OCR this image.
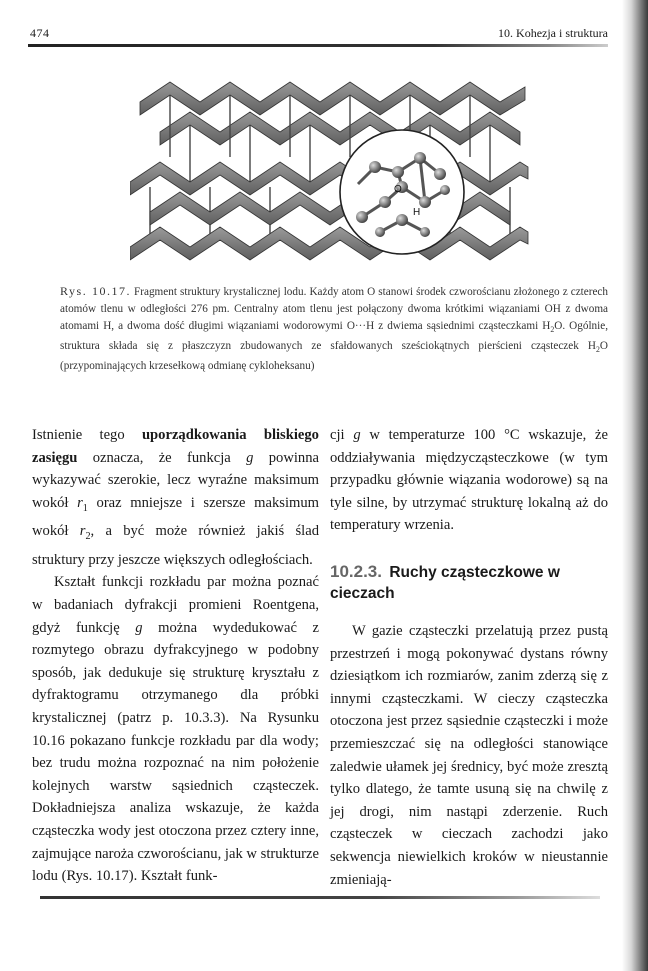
474	10. Kohezja i struktura
O
H
Rys. 10.17. Fragment struktury krystalicznej lodu. Każdy atom O stanowi środek czworościanu złożonego z czterech atomów tlenu w odległości 276 pm. Centralny atom tlenu jest połączony dwoma krótkimi wiązaniami OH z dwoma atomami H, a dwoma dość długimi wiązaniami wodorowymi O···H z dwiema sąsiednimi cząsteczkami $H_2O$. Ogólnie, struktura składa się z płaszczyzn zbudowanych ze sfałdowanych sześciokątnych pierścieni cząsteczek $H_2O$ (przypominających krzesełkową odmianę cykloheksanu)

Istnienie tego uporządkowania bliskiego zasięgu oznacza, że funkcja g powinna wykazywać szerokie, lecz wyraźne maksimum wokół $r_1$ oraz mniejsze i szersze maksimum wokół $r_2$, a być może również jakiś ślad struktury przy jeszcze większych odległościach.

Kształt funkcji rozkładu par można poznać w badaniach dyfrakcji promieni Roentgena, gdyż funkcję g można wydedukować z rozmytego obrazu dyfrakcyjnego w podobny sposób, jak dedukuje się strukturę kryształu z dyfraktogramu otrzymanego dla próbki krystalicznej (patrz p. 10.3.3). Na Rysunku 10.16 pokazano funkcje rozkładu par dla wody; bez trudu można rozpoznać na nim położenie kolejnych warstw sąsiednich cząsteczek. Dokładniejsza analiza wskazuje, że każda cząsteczka wody jest otoczona przez cztery inne, zajmujące naroża czworościanu, jak w strukturze lodu (Rys. 10.17). Kształt funk-

cji g w temperaturze 100 °C wskazuje, że oddziaływania międzycząsteczkowe (w tym przypadku głównie wiązania wodorowe) są na tyle silne, by utrzymać strukturę lokalną aż do temperatury wrzenia.

10.2.3. Ruchy cząsteczkowe w cieczach

W gazie cząsteczki przelatują przez pustą przestrzeń i mogą pokonywać dystans równy dziesiątkom ich rozmiarów, zanim zderzą się z innymi cząsteczkami. W cieczy cząsteczka otoczona jest przez sąsiednie cząsteczki i może przemieszczać się na odległości stanowiące zaledwie ułamek jej średnicy, być może zresztą tylko dlatego, że tamte usuną się na chwilę z jej drogi, nim nastąpi zderzenie. Ruch cząsteczek w cieczach zachodzi jako sekwencja niewielkich kroków w nieustannie zmieniają-
